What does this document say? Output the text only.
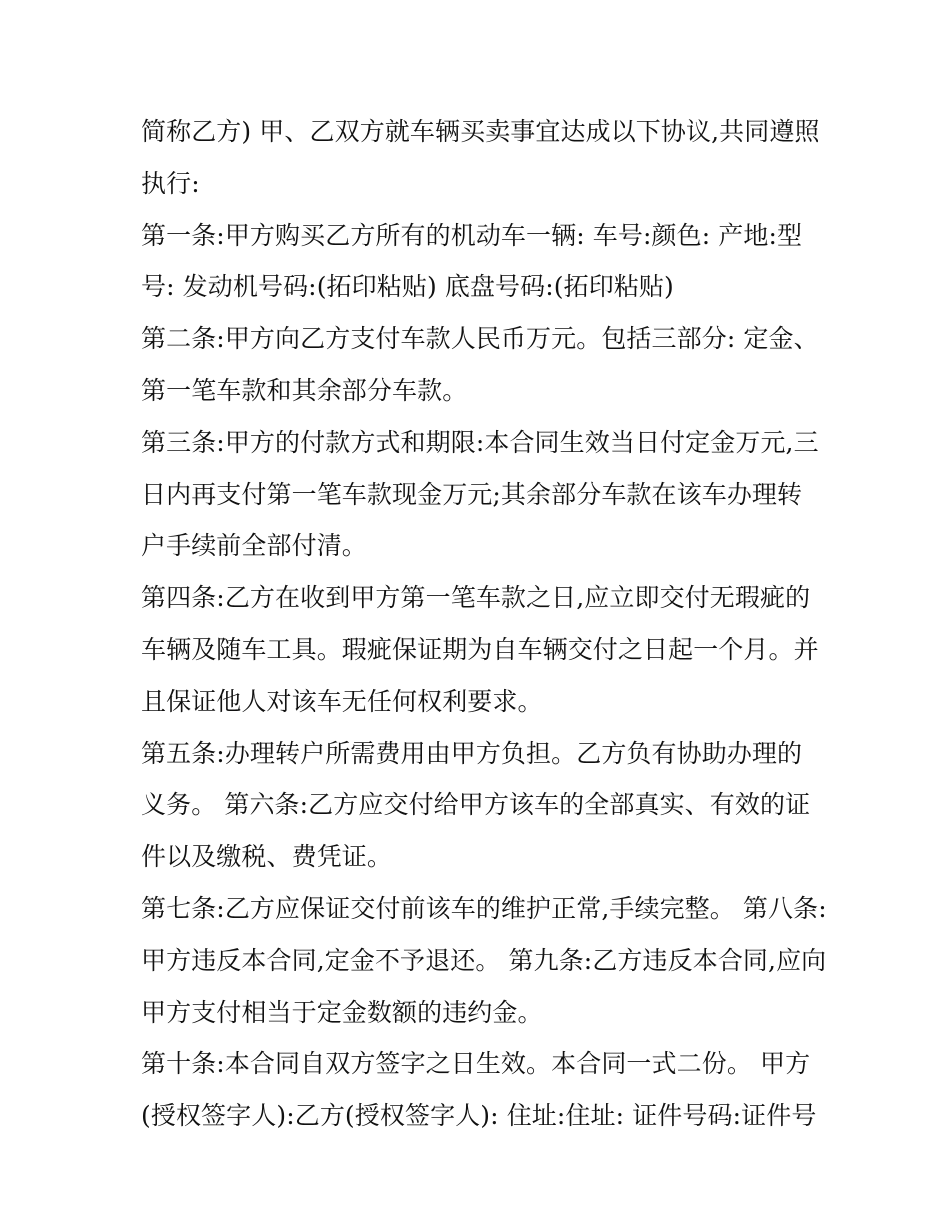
简称乙方) 甲、乙双方就车辆买卖事宜达成以下协议,共同遵照
执行:
第一条:甲方购买乙方所有的机动车一辆: 车号:颜色: 产地:型
号: 发动机号码:(拓印粘贴) 底盘号码:(拓印粘贴)
第二条:甲方向乙方支付车款人民币万元。包括三部分: 定金、
第一笔车款和其余部分车款。
第三条:甲方的付款方式和期限:本合同生效当日付定金万元,三
日内再支付第一笔车款现金万元;其余部分车款在该车办理转
户手续前全部付清。
第四条:乙方在收到甲方第一笔车款之日,应立即交付无瑕疵的
车辆及随车工具。瑕疵保证期为自车辆交付之日起一个月。并
且保证他人对该车无任何权利要求。
第五条:办理转户所需费用由甲方负担。乙方负有协助办理的
义务。 第六条:乙方应交付给甲方该车的全部真实、有效的证
件以及缴税、费凭证。
第七条:乙方应保证交付前该车的维护正常,手续完整。 第八条:
甲方违反本合同,定金不予退还。 第九条:乙方违反本合同,应向
甲方支付相当于定金数额的违约金。
第十条:本合同自双方签字之日生效。本合同一式二份。 甲方
(授权签字人):乙方(授权签字人): 住址:住址: 证件号码:证件号
